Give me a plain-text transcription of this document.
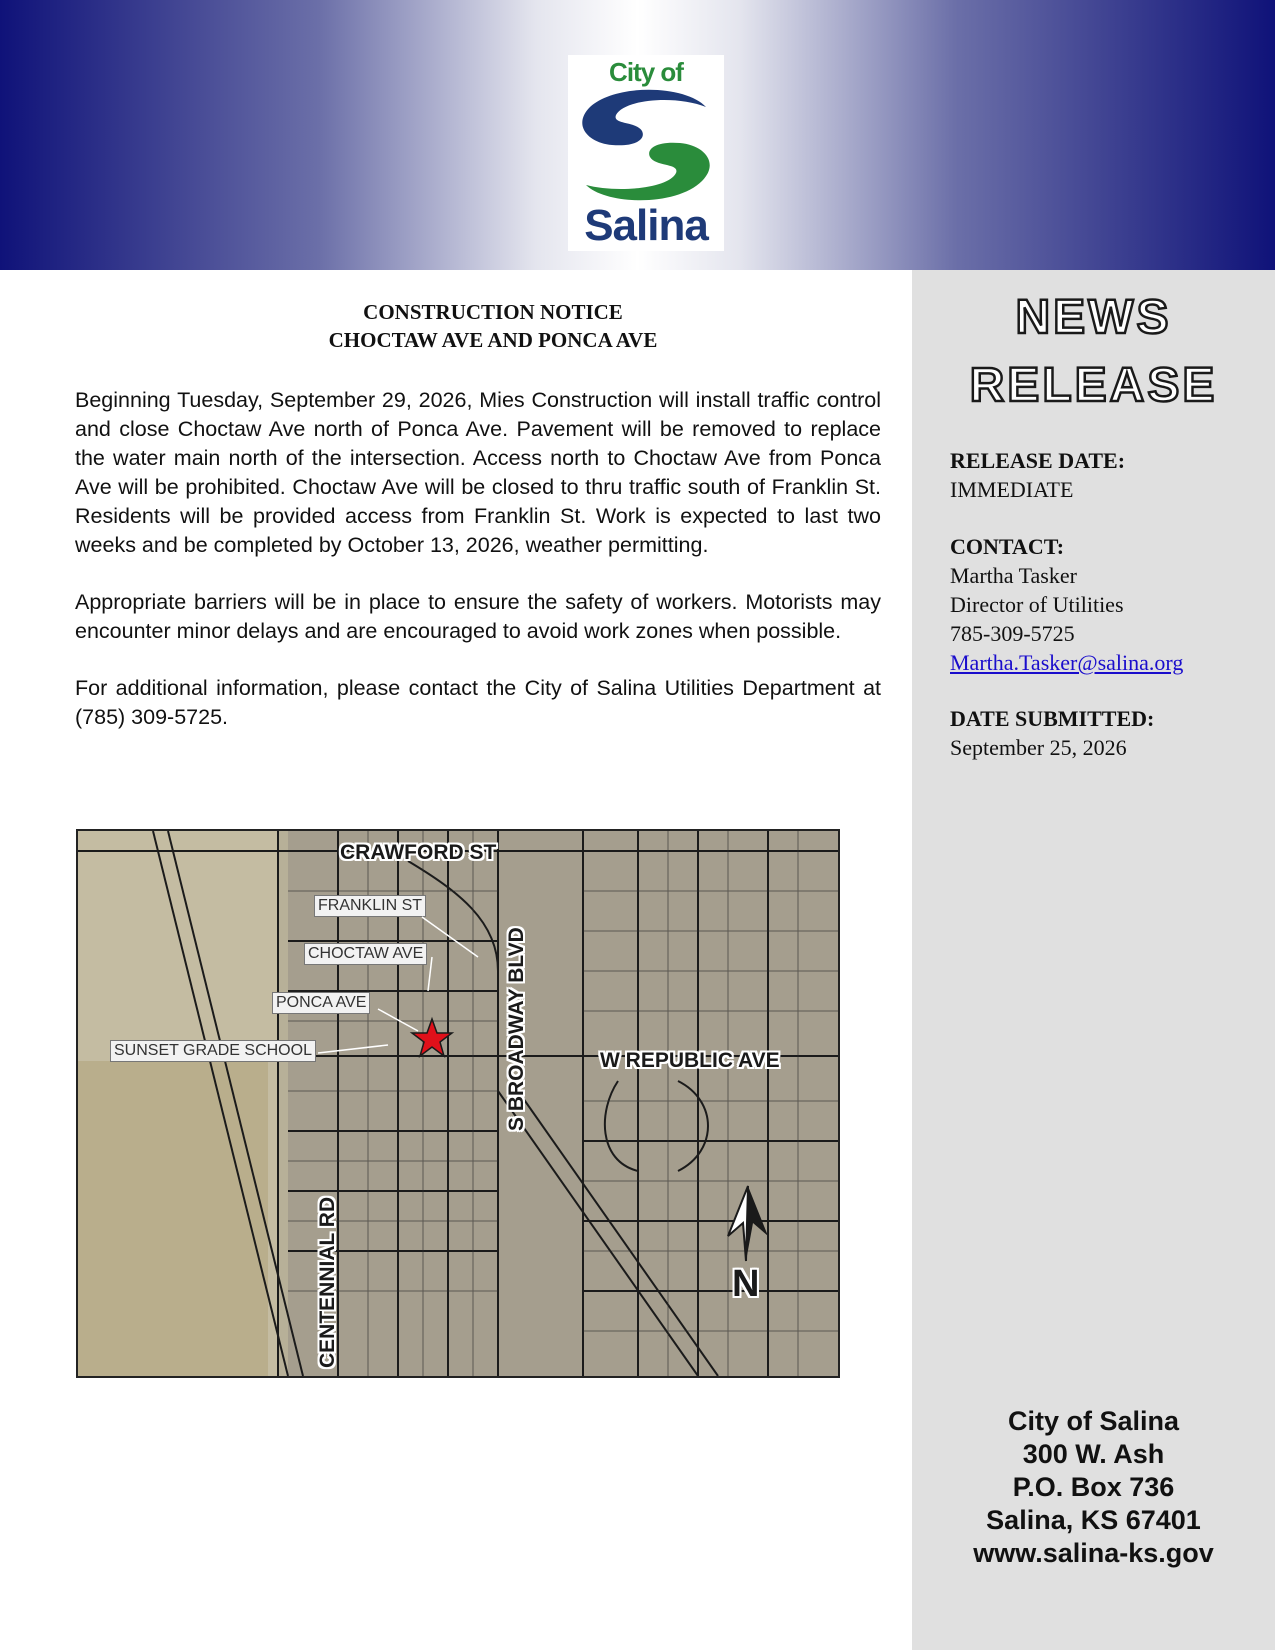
City of
Salina
CONSTRUCTION NOTICE
CHOCTAW AVE AND PONCA AVE

Beginning Tuesday, September 29, 2026, Mies Construction will install traffic control and close Choctaw Ave north of Ponca Ave. Pavement will be removed to replace the water main north of the intersection. Access north to Choctaw Ave from Ponca Ave will be prohibited. Choctaw Ave will be closed to thru traffic south of Franklin St. Residents will be provided access from Franklin St. Work is expected to last two weeks and be completed by October 13, 2026, weather permitting.

Appropriate barriers will be in place to ensure the safety of workers. Motorists may encounter minor delays and are encouraged to avoid work zones when possible.

For additional information, please contact the City of Salina Utilities Department at (785) 309-5725.

CRAWFORD ST
S BROADWAY BLVD	W REPUBLIC AVE
CENTENNIAL RD
FRANKLIN ST
CHOCTAW AVE
PONCA AVE
SUNSET GRADE SCHOOL
N
NEWS
RELEASE
RELEASE DATE:
IMMEDIATE
CONTACT:
Martha Tasker
Director of Utilities
785-309-5725
Martha.Tasker@salina.org
DATE SUBMITTED:
September 25, 2026
City of Salina
300 W. Ash
P.O. Box 736
Salina, KS 67401
www.salina-ks.gov
